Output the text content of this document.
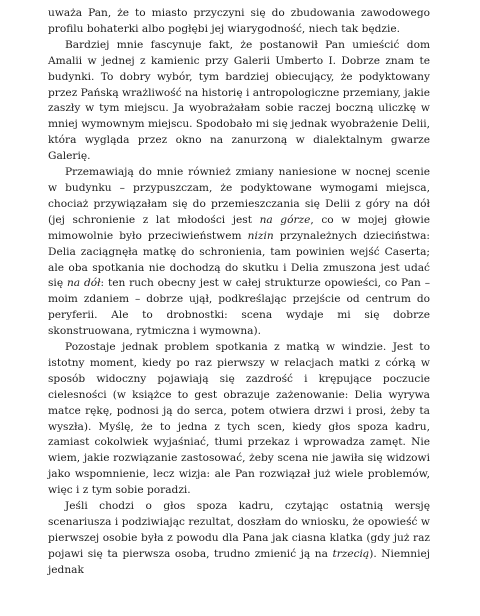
uważa Pan, że to miasto przyczyni się do zbudowania zawodowego profilu bohaterki albo pogłębi jej wiarygodność, niech tak będzie.

Bardziej mnie fascynuje fakt, że postanowił Pan umieścić dom Amalii w jednej z kamienic przy Galerii Umberto I. Dobrze znam te budynki. To dobry wybór, tym bardziej obiecujący, że podyktowany przez Pańską wrażliwość na historię i antropologiczne przemiany, jakie zaszły w tym miejscu. Ja wyobrażałam sobie raczej boczną uliczkę w mniej wymownym miejscu. Spodobało mi się jednak wyobrażenie Delii, która wygląda przez okno na zanurzoną w dialektalnym gwarze Galerię.

Przemawiają do mnie również zmiany naniesione w nocnej scenie w budynku – przypuszczam, że podyktowane wymogami miejsca, chociaż przywiązałam się do przemieszczania się Delii z góry na dół (jej schronienie z lat młodości jest na górze, co w mojej głowie mimowolnie było przeciwieństwem nizin przynależnych dzieciństwa: Delia zaciągnęła matkę do schronienia, tam powinien wejść Caserta; ale oba spotkania nie dochodzą do skutku i Delia zmuszona jest udać się na dół: ten ruch obecny jest w całej strukturze opowieści, co Pan – moim zdaniem – dobrze ujął, podkreślając przejście od centrum do peryferii. Ale to drobnostki: scena wydaje mi się dobrze skonstruowana, rytmiczna i wymowna).

Pozostaje jednak problem spotkania z matką w windzie. Jest to istotny moment, kiedy po raz pierwszy w relacjach matki z córką w sposób widoczny pojawiają się zazdrość i krępujące poczucie cielesności (w książce to gest obrazuje zażenowanie: Delia wyrywa matce rękę, podnosi ją do serca, potem otwiera drzwi i prosi, żeby ta wyszła). Myślę, że to jedna z tych scen, kiedy głos spoza kadru, zamiast cokolwiek wyjaśniać, tłumi przekaz i wprowadza zamęt. Nie wiem, jakie rozwiązanie zastosować, żeby scena nie jawiła się widzowi jako wspomnienie, lecz wizja: ale Pan rozwiązał już wiele problemów, więc i z tym sobie poradzi.

Jeśli chodzi o głos spoza kadru, czytając ostatnią wersję scenariusza i podziwiając rezultat, doszłam do wniosku, że opowieść w pierwszej osobie była z powodu dla Pana jak ciasna klatka (gdy już raz pojawi się ta pierwsza osoba, trudno zmienić ją na trzecią). Niemniej jednak
